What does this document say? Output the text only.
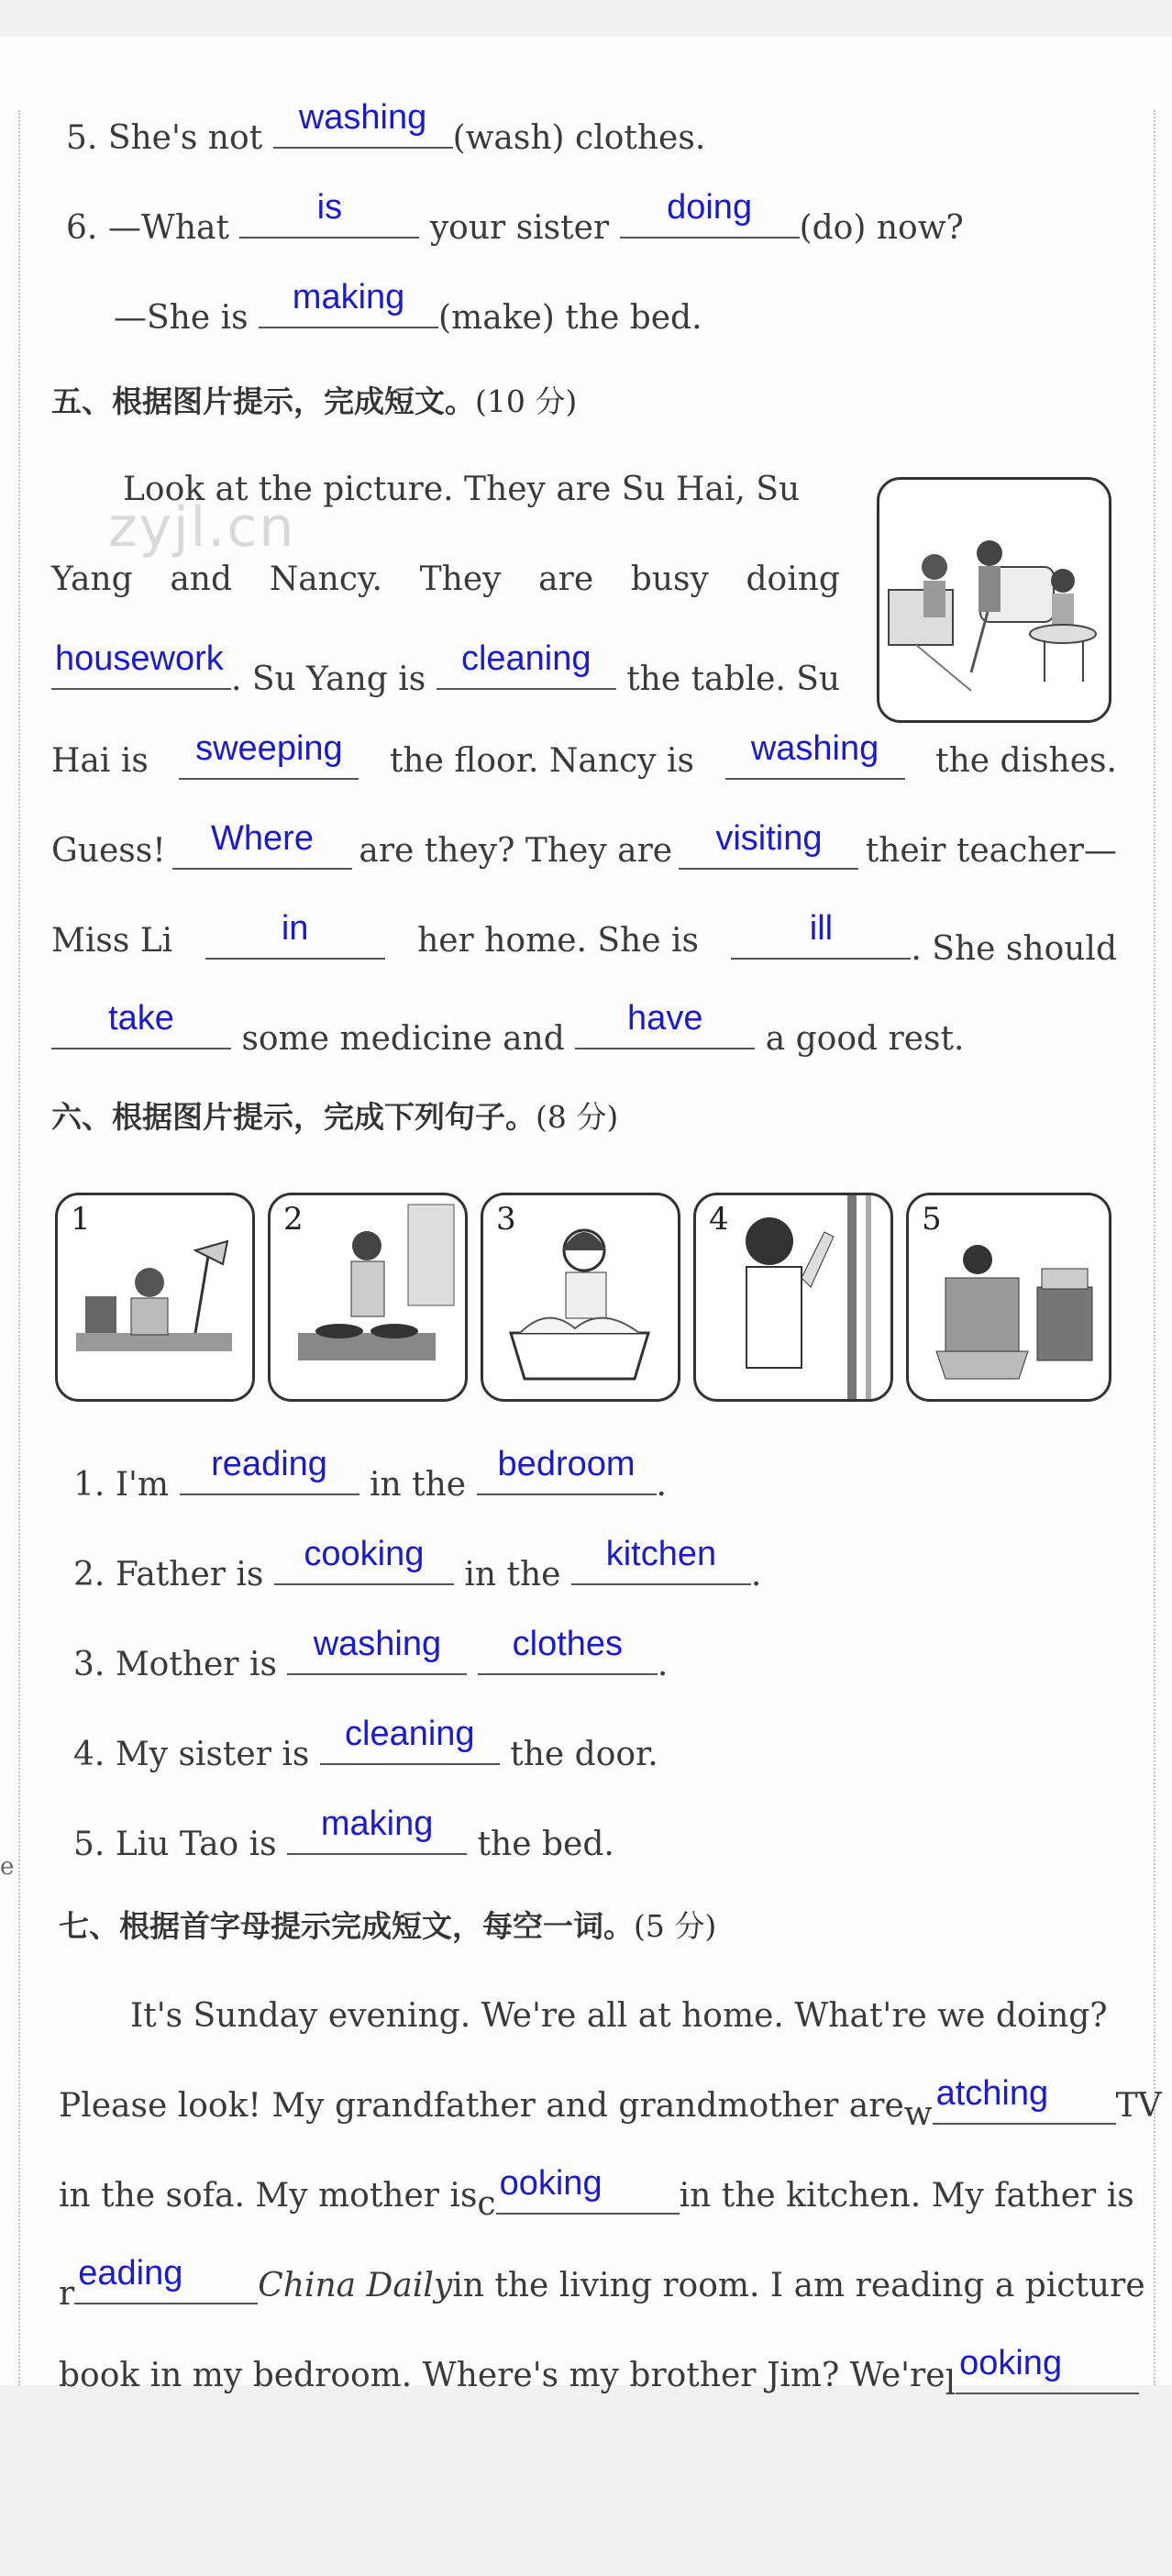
e
5. She's not
washing
(wash) clothes.
6. —What
is
your sister
doing
(do) now?
—She is
making
(make) the bed.
五、根据图片提示，完成短文。(10 分)
zyjl.cn
Look at the picture. They are Su Hai, Su
Yang and Nancy. They are busy doing
housework
. Su Yang is
cleaning
the table. Su
Hai is	sweeping	the floor. Nancy is	washing	the dishes.
Guess!	Where	are they? They are	visiting	their teacher—
Miss Li	in	her home. She is	ill
. She should
take
some medicine and
have
a good rest.
六、根据图片提示，完成下列句子。(8 分)
1	2	3	4	5
1. I'm
reading
in the
bedroom
.
2. Father is
cooking
in the
kitchen
.
3. Mother is
washing
	clothes
.
4. My sister is
cleaning
the door.
5. Liu Tao is
making
the bed.
七、根据首字母提示完成短文，每空一词。(5 分)
It's Sunday evening. We're all at home. What're we doing?
Please look! My grandfather and grandmother are w
atching	TV
in the sofa. My mother is c
ooking	in the kitchen. My father is
r
eading	China Daily in the living room. I am reading a picture
book in my bedroom. Where's my brother Jim? We're l
ooking
